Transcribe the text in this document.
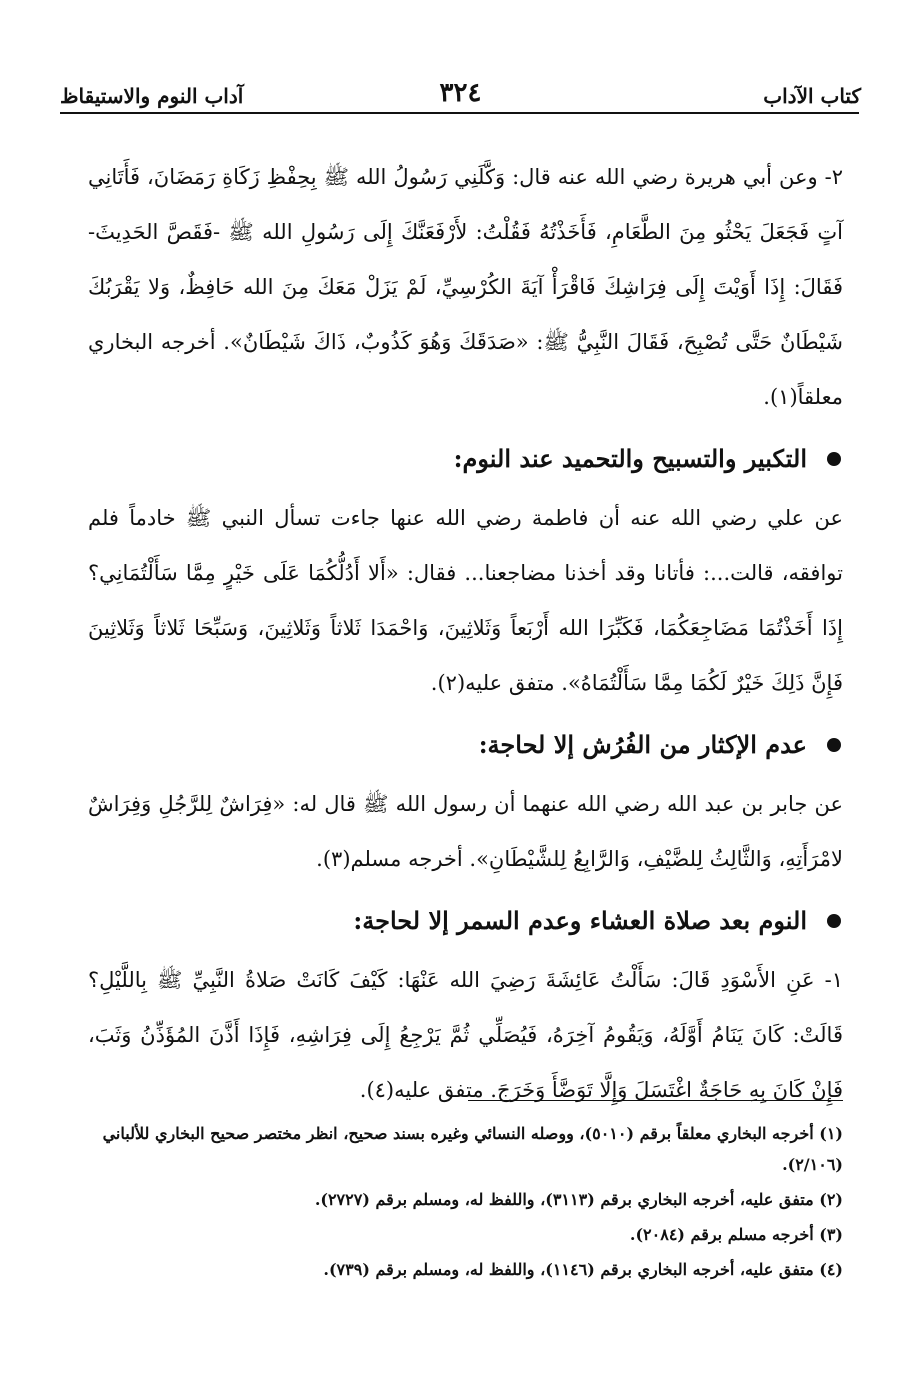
كتاب الآداب
٣٢٤
آداب النوم والاستيقاظ

٢- وعن أبي هريرة رضي الله عنه قال: وَكَّلَنِي رَسُولُ الله ﷺ بِحِفْظِ زَكَاةِ رَمَضَانَ، فَأَتَانِي آتٍ فَجَعَلَ يَحْثُو مِنَ الطَّعَامِ، فَأَخَذْتُهُ فَقُلْتُ: لأَرْفَعَنَّكَ إِلَى رَسُولِ الله ﷺ -فَقَصَّ الحَدِيثَ- فَقَالَ: إِذَا أَوَيْتَ إِلَى فِرَاشِكَ فَاقْرَأْ آيَةَ الكُرْسِيِّ، لَمْ يَزَلْ مَعَكَ مِنَ الله حَافِظٌ، وَلا يَقْرَبُكَ شَيْطَانٌ حَتَّى تُصْبِحَ، فَقَالَ النَّبِيُّ ﷺ: «صَدَقَكَ وَهُوَ كَذُوبٌ، ذَاكَ شَيْطَانٌ». أخرجه البخاري معلقاً(١).

التكبير والتسبيح والتحميد عند النوم:

عن علي رضي الله عنه أن فاطمة رضي الله عنها جاءت تسأل النبي ﷺ خادماً فلم توافقه، قالت...: فأتانا وقد أخذنا مضاجعنا... فقال: «أَلا أَدُلُّكُمَا عَلَى خَيْرٍ مِمَّا سَأَلْتُمَانِي؟ إِذَا أَخَذْتُمَا مَضَاجِعَكُمَا، فَكَبِّرَا الله أَرْبَعاً وَثَلاثِينَ، وَاحْمَدَا ثَلاثاً وَثَلاثِينَ، وَسَبِّحَا ثَلاثاً وَثَلاثِينَ فَإِنَّ ذَلِكَ خَيْرٌ لَكُمَا مِمَّا سَأَلْتُمَاهُ». متفق عليه(٢).

عدم الإكثار من الفُرُش إلا لحاجة:

عن جابر بن عبد الله رضي الله عنهما أن رسول الله ﷺ قال له: «فِرَاشٌ لِلرَّجُلِ وَفِرَاشٌ لامْرَأَتِهِ، وَالثَّالِثُ لِلضَّيْفِ، وَالرَّابِعُ لِلشَّيْطَانِ». أخرجه مسلم(٣).

النوم بعد صلاة العشاء وعدم السمر إلا لحاجة:

١- عَنِ الأَسْوَدِ قَالَ: سَأَلْتُ عَائِشَةَ رَضِيَ الله عَنْهَا: كَيْفَ كَانَتْ صَلاةُ النَّبِيِّ ﷺ بِاللَّيْلِ؟ قَالَتْ: كَانَ يَنَامُ أَوَّلَهُ، وَيَقُومُ آخِرَهُ، فَيُصَلِّي ثُمَّ يَرْجِعُ إِلَى فِرَاشِهِ، فَإِذَا أَذَّنَ المُؤَذِّنُ وَثَبَ، فَإِنْ كَانَ بِهِ حَاجَةٌ اغْتَسَلَ وَإِلَّا تَوَضَّأَ وَخَرَجَ. متفق عليه(٤).

(١) أخرجه البخاري معلقاً برقم (٥٠١٠)، ووصله النسائي وغيره بسند صحيح، انظر مختصر صحيح البخاري للألباني (٢/١٠٦).

(٢) متفق عليه، أخرجه البخاري برقم (٣١١٣)، واللفظ له، ومسلم برقم (٢٧٢٧).

(٣) أخرجه مسلم برقم (٢٠٨٤).

(٤) متفق عليه، أخرجه البخاري برقم (١١٤٦)، واللفظ له، ومسلم برقم (٧٣٩).
